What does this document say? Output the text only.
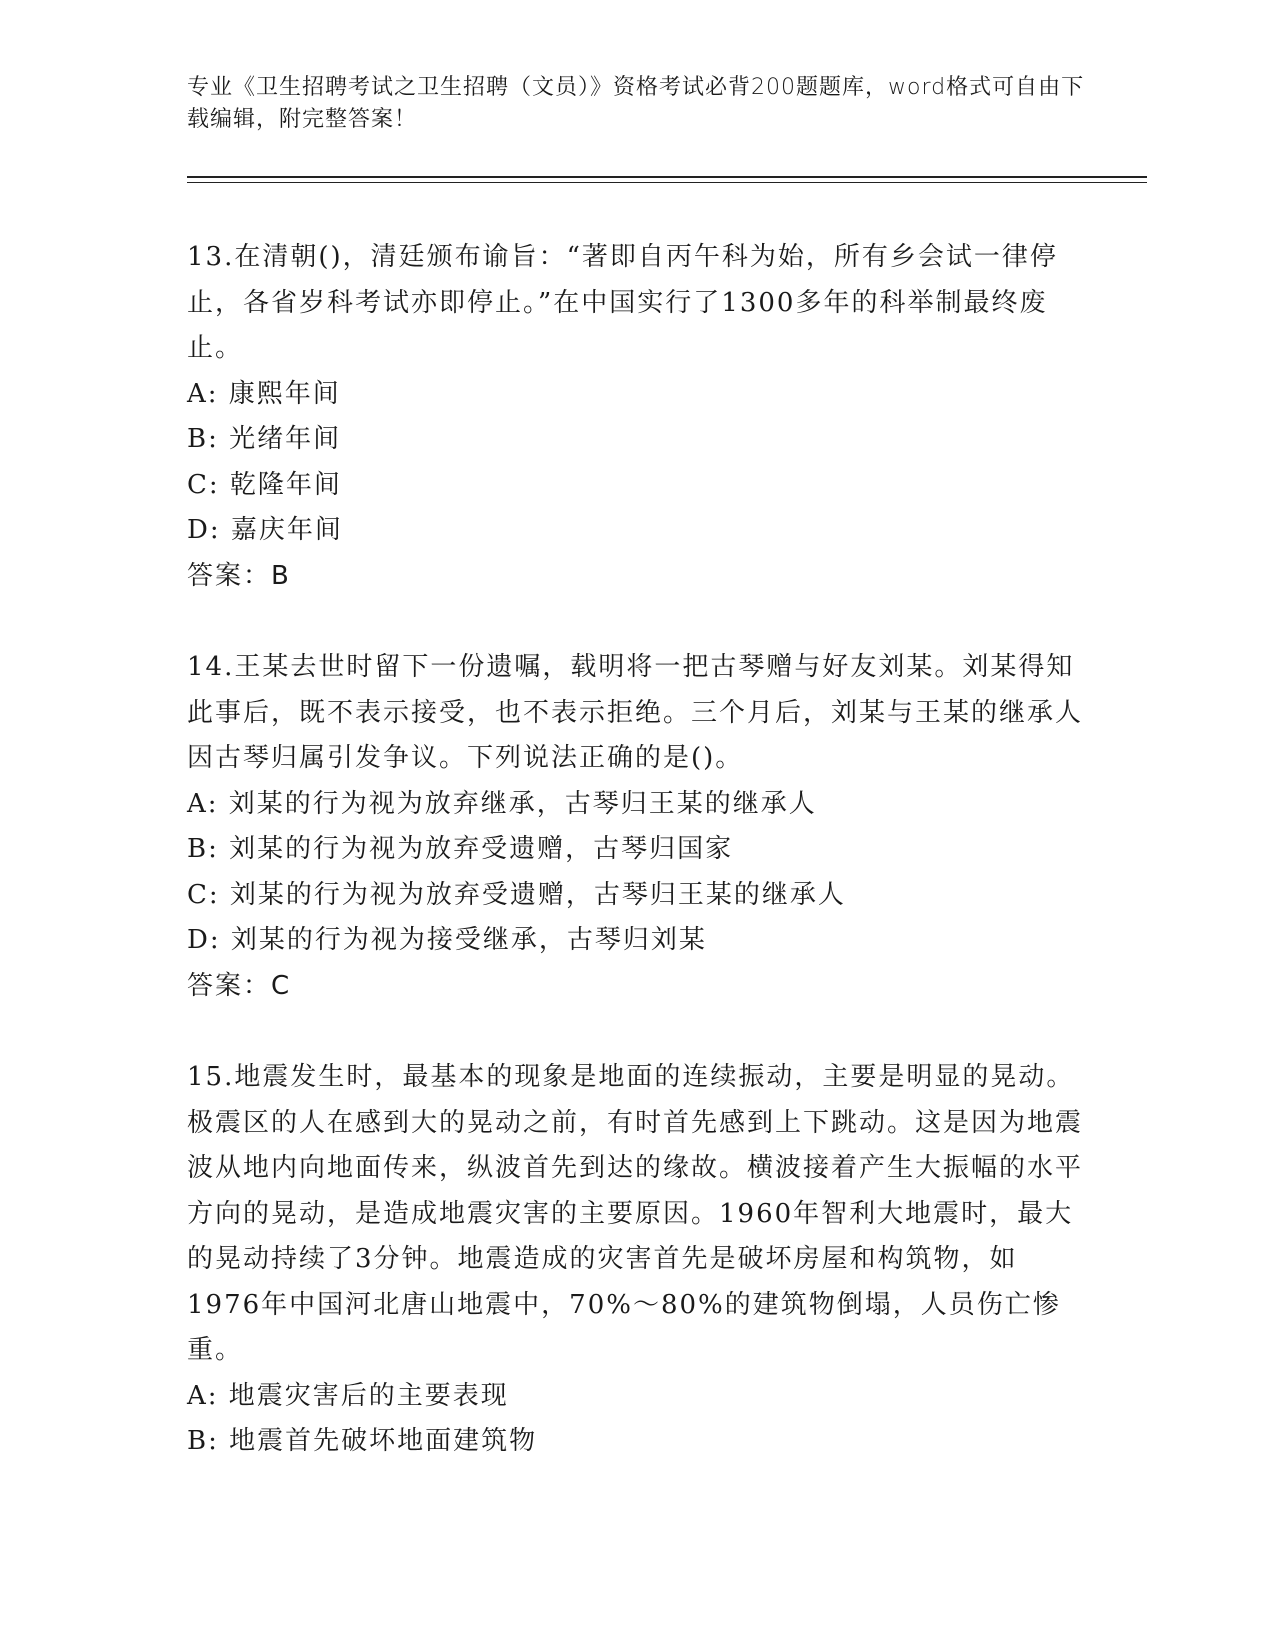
专业《卫生招聘考试之卫生招聘（文员）》资格考试必背200题题库，word格式可自由下载编辑，附完整答案！

13.在清朝()，清廷颁布谕旨：“著即自丙午科为始，所有乡会试一律停止，各省岁科考试亦即停止。”在中国实行了1300多年的科举制最终废止。

A: 康熙年间

B: 光绪年间

C: 乾隆年间

D: 嘉庆年间

答案：B

14.王某去世时留下一份遗嘱，载明将一把古琴赠与好友刘某。刘某得知此事后，既不表示接受，也不表示拒绝。三个月后，刘某与王某的继承人因古琴归属引发争议。下列说法正确的是()。

A: 刘某的行为视为放弃继承，古琴归王某的继承人

B: 刘某的行为视为放弃受遗赠，古琴归国家

C: 刘某的行为视为放弃受遗赠，古琴归王某的继承人

D: 刘某的行为视为接受继承，古琴归刘某

答案：C

15.地震发生时，最基本的现象是地面的连续振动，主要是明显的晃动。极震区的人在感到大的晃动之前，有时首先感到上下跳动。这是因为地震波从地内向地面传来，纵波首先到达的缘故。横波接着产生大振幅的水平方向的晃动，是造成地震灾害的主要原因。1960年智利大地震时，最大的晃动持续了3分钟。地震造成的灾害首先是破坏房屋和构筑物，如1976年中国河北唐山地震中，70%～80%的建筑物倒塌，人员伤亡惨重。

A: 地震灾害后的主要表现

B: 地震首先破坏地面建筑物
